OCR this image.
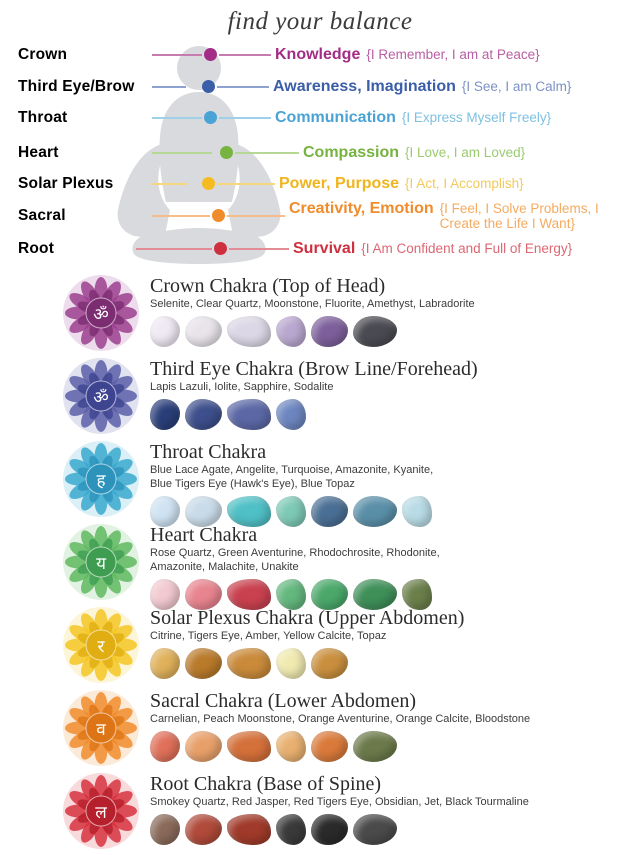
find your balance
Crown	Knowledge {I Remember, I am at Peace}
Third Eye/Brow	Awareness, Imagination {I See, I am Calm}
Throat	Communication {I Express Myself Freely}
Heart	Compassion {I Love, I am Loved}
Solar Plexus	Power, Purpose {I Act, I Accomplish}
Sacral	Creativity, Emotion {I Feel, I Solve Problems, I Create the Life I Want}
Root	Survival {I Am Confident and Full of Energy}
ॐ
Crown Chakra (Top of Head)
Selenite, Clear Quartz, Moonstone, Fluorite, Amethyst, Labradorite
ॐ
Third Eye Chakra (Brow Line/Forehead)
Lapis Lazuli, Iolite, Sapphire, Sodalite
ह
Throat Chakra
Blue Lace Agate, Angelite, Turquoise, Amazonite, Kyanite,
Blue Tigers Eye (Hawk's Eye), Blue Topaz
य
Heart Chakra
Rose Quartz, Green Aventurine, Rhodochrosite, Rhodonite,
Amazonite, Malachite, Unakite
र
Solar Plexus Chakra (Upper Abdomen)
Citrine, Tigers Eye, Amber, Yellow Calcite, Topaz
व
Sacral Chakra (Lower Abdomen)
Carnelian, Peach Moonstone, Orange Aventurine, Orange Calcite, Bloodstone
ल
Root Chakra (Base of Spine)
Smokey Quartz, Red Jasper, Red Tigers Eye, Obsidian, Jet, Black Tourmaline
